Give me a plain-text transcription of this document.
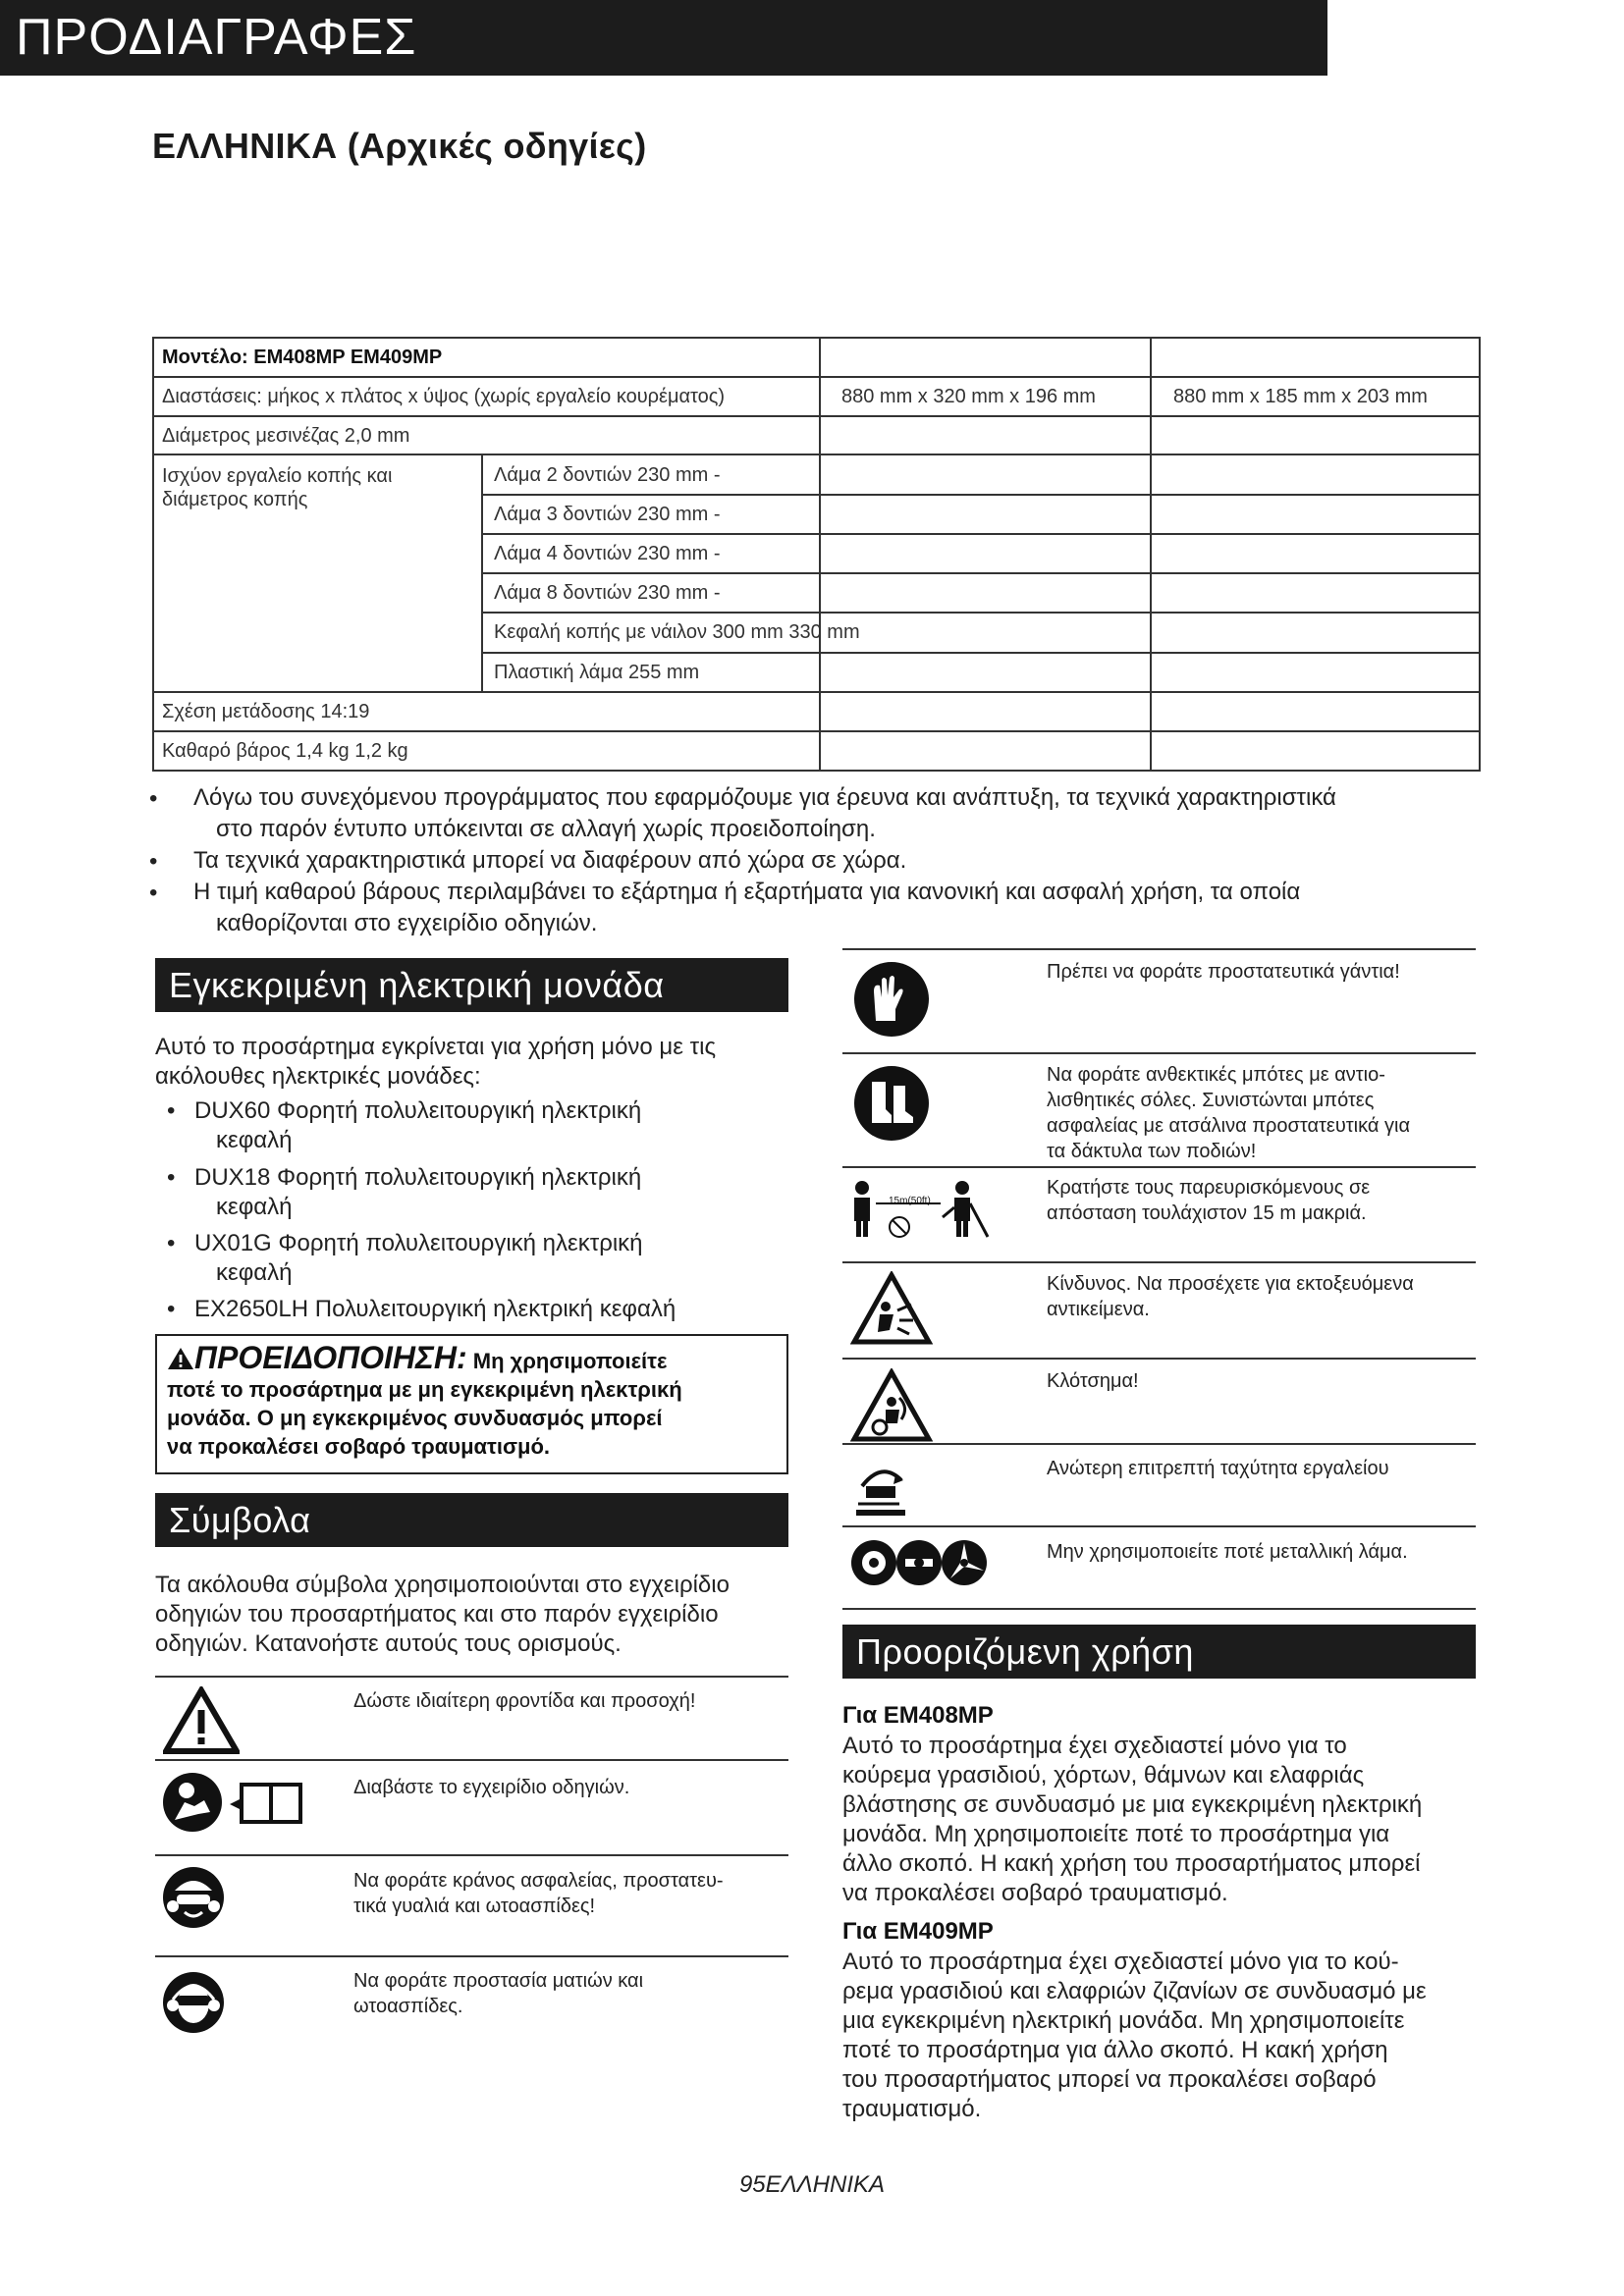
ΕΛΛΗΝΙΚΑ (Αρχικές οδηγίες)
ΠΡΟΔΙΑΓΡΑΦΕΣ
Μοντέλο: EM408MP EM409MP
Διαστάσεις: μήκος x πλάτος x ύψος (χωρίς εργαλείο κουρέματος)	880 mm x 320 mm x 196 mm	880 mm x 185 mm x 203 mm
Διάμετρος μεσινέζας 2,0 mm
Ισχύον εργαλείο κοπής και διάμετρος κοπής
Λάμα 2 δοντιών 230 mm -
Λάμα 3 δοντιών 230 mm -
Λάμα 4 δοντιών 230 mm -
Λάμα 8 δοντιών 230 mm -
Κεφαλή κοπής με νάιλον 300 mm 330 mm
Πλαστική λάμα 255 mm
Σχέση μετάδοσης 14:19
Καθαρό βάρος 1,4 kg 1,2 kg
• Λόγω του συνεχόμενου προγράμματος που εφαρμόζουμε για έρευνα και ανάπτυξη, τα τεχνικά χαρακτηριστικά
στο παρόν έντυπο υπόκεινται σε αλλαγή χωρίς προειδοποίηση.
• Τα τεχνικά χαρακτηριστικά μπορεί να διαφέρουν από χώρα σε χώρα.
• Η τιμή καθαρού βάρους περιλαμβάνει το εξάρτημα ή εξαρτήματα για κανονική και ασφαλή χρήση, τα οποία
καθορίζονται στο εγχειρίδιο οδηγιών.
Εγκεκριμένη ηλεκτρική μονάδα
Αυτό το προσάρτημα εγκρίνεται για χρήση μόνο με τις
ακόλουθες ηλεκτρικές μονάδες:
• DUX60 Φορητή πολυλειτουργική ηλεκτρική
κεφαλή
• DUX18 Φορητή πολυλειτουργική ηλεκτρική
κεφαλή
• UX01G Φορητή πολυλειτουργική ηλεκτρική
κεφαλή
• EX2650LH Πολυλειτουργική ηλεκτρική κεφαλή
ΠΡΟΕΙΔΟΠΟΙΗΣΗ: Μη χρησιμοποιείτε
ποτέ το προσάρτημα με μη εγκεκριμένη ηλεκτρική
μονάδα. Ο μη εγκεκριμένος συνδυασμός μπορεί
να προκαλέσει σοβαρό τραυματισμό.
Σύμβολα
Τα ακόλουθα σύμβολα χρησιμοποιούνται στο εγχειρίδιο
οδηγιών του προσαρτήματος και στο παρόν εγχειρίδιο
οδηγιών. Κατανοήστε αυτούς τους ορισμούς.
Δώστε ιδιαίτερη φροντίδα και προσοχή!
Διαβάστε το εγχειρίδιο οδηγιών.
Να φοράτε κράνος ασφαλείας, προστατευ-
τικά γυαλιά και ωτοασπίδες!
Να φοράτε προστασία ματιών και
ωτοασπίδες.
Πρέπει να φοράτε προστατευτικά γάντια!
Να φοράτε ανθεκτικές μπότες με αντιο-
λισθητικές σόλες. Συνιστώνται μπότες
ασφαλείας με ατσάλινα προστατευτικά για
τα δάκτυλα των ποδιών!
15m(50ft)
Κρατήστε τους παρευρισκόμενους σε
απόσταση τουλάχιστον 15 m μακριά.
Κίνδυνος. Να προσέχετε για εκτοξευόμενα
αντικείμενα.
Κλότσημα!
Ανώτερη επιτρεπτή ταχύτητα εργαλείου
Μην χρησιμοποιείτε ποτέ μεταλλική λάμα.
Προοριζόμενη χρήση
Για EM408MP
Αυτό το προσάρτημα έχει σχεδιαστεί μόνο για το
κούρεμα γρασιδιού, χόρτων, θάμνων και ελαφριάς
βλάστησης σε συνδυασμό με μια εγκεκριμένη ηλεκτρική
μονάδα. Μη χρησιμοποιείτε ποτέ το προσάρτημα για
άλλο σκοπό. Η κακή χρήση του προσαρτήματος μπορεί
να προκαλέσει σοβαρό τραυματισμό.
Για EM409MP
Αυτό το προσάρτημα έχει σχεδιαστεί μόνο για το κού-
ρεμα γρασιδιού και ελαφριών ζιζανίων σε συνδυασμό με
μια εγκεκριμένη ηλεκτρική μονάδα. Μη χρησιμοποιείτε
ποτέ το προσάρτημα για άλλο σκοπό. Η κακή χρήση
του προσαρτήματος μπορεί να προκαλέσει σοβαρό
τραυματισμό.
95ΕΛΛΗΝΙΚΑ
